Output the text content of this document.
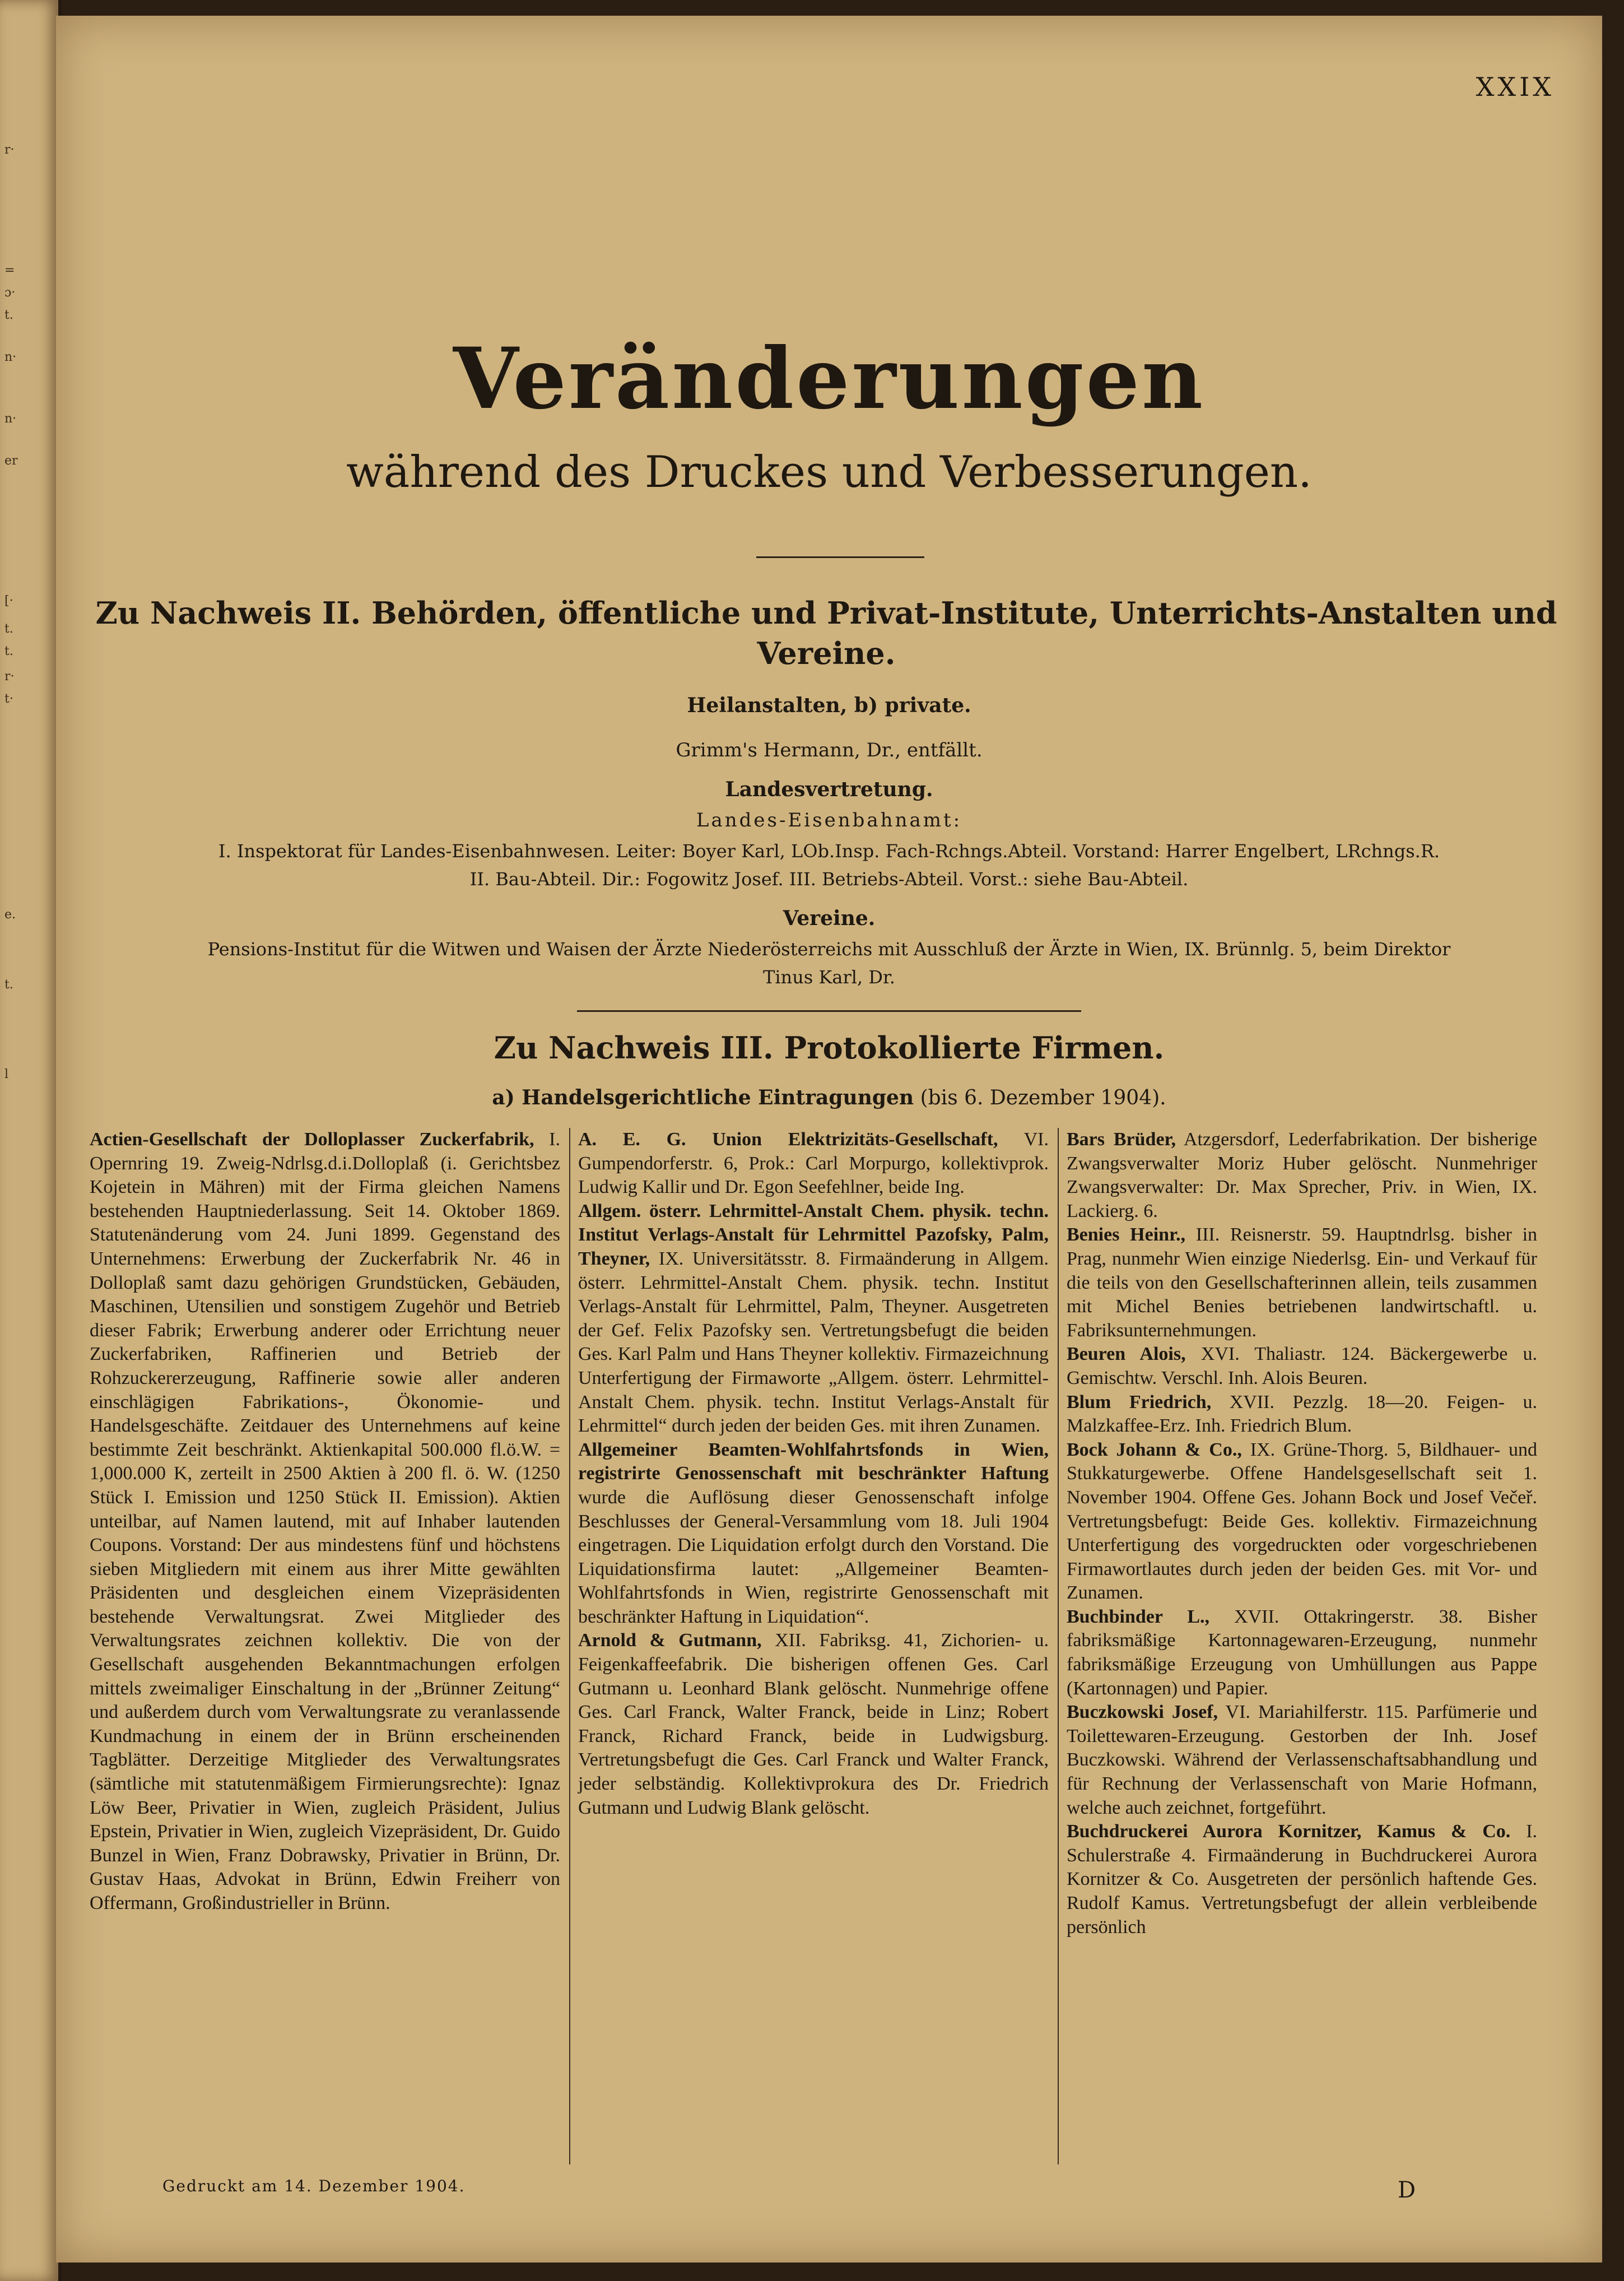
r·
=
ɔ·
t.
n·
n·
er
[·
t.
t.
r·
t·
e.
t.
l
XXIX
Veränderungen
während des Druckes und Verbesserungen.
Zu Nachweis II. Behörden, öffentliche und Privat-Institute, Unterrichts-Anstalten und Vereine.
Heilanstalten, b) private.
Grimm's Hermann, Dr., entfällt.
Landesvertretung.
Landes-Eisenbahnamt:
I. Inspektorat für Landes-Eisenbahnwesen. Leiter: Boyer Karl, LOb.Insp. Fach-Rchngs.Abteil. Vorstand: Harrer Engelbert, LRchngs.R.
II. Bau-Abteil. Dir.: Fogowitz Josef. III. Betriebs-Abteil. Vorst.: siehe Bau-Abteil.
Vereine.
Pensions-Institut für die Witwen und Waisen der Ärzte Niederösterreichs mit Ausschluß der Ärzte in Wien, IX. Brünnlg. 5, beim Direktor
Tinus Karl, Dr.
Zu Nachweis III. Protokollierte Firmen.
a) Handelsgerichtliche Eintragungen (bis 6. Dezember 1904).

Actien-Gesellschaft der Dolloplasser Zuckerfabrik, I. Opernring 19. Zweig-Ndrlsg.d.i.Dolloplaß (i. Gerichtsbez Kojetein in Mähren) mit der Firma gleichen Namens bestehenden Hauptniederlassung. Seit 14. Oktober 1869. Statutenänderung vom 24. Juni 1899. Gegenstand des Unternehmens: Erwerbung der Zuckerfabrik Nr. 46 in Dolloplaß samt dazu gehörigen Grundstücken, Gebäuden, Maschinen, Utensilien und sonstigem Zugehör und Betrieb dieser Fabrik; Erwerbung anderer oder Errichtung neuer Zuckerfabriken, Raffinerien und Betrieb der Rohzuckererzeugung, Raffinerie sowie aller anderen einschlägigen Fabrikations-, Ökonomie- und Handelsgeschäfte. Zeitdauer des Unternehmens auf keine bestimmte Zeit beschränkt. Aktienkapital 500.000 fl.ö.W. = 1,000.000 K, zerteilt in 2500 Aktien à 200 fl. ö. W. (1250 Stück I. Emission und 1250 Stück II. Emission). Aktien unteilbar, auf Namen lautend, mit auf Inhaber lautenden Coupons. Vorstand: Der aus mindestens fünf und höchstens sieben Mitgliedern mit einem aus ihrer Mitte gewählten Präsidenten und desgleichen einem Vizepräsidenten bestehende Verwaltungsrat. Zwei Mitglieder des Verwaltungsrates zeichnen kollektiv. Die von der Gesellschaft ausgehenden Bekanntmachungen erfolgen mittels zweimaliger Einschaltung in der „Brünner Zeitung“ und außerdem durch vom Verwaltungsrate zu veranlassende Kundmachung in einem der in Brünn erscheinenden Tagblätter. Derzeitige Mitglieder des Verwaltungsrates (sämtliche mit statutenmäßigem Firmierungsrechte): Ignaz Löw Beer, Privatier in Wien, zugleich Präsident, Julius Epstein, Privatier in Wien, zugleich Vizepräsident, Dr. Guido Bunzel in Wien, Franz Dobrawsky, Privatier in Brünn, Dr. Gustav Haas, Advokat in Brünn, Edwin Freiherr von Offermann, Großindustrieller in Brünn.

A. E. G. Union Elektrizitäts-Gesellschaft, VI. Gumpendorferstr. 6, Prok.: Carl Morpurgo, kollektivprok. Ludwig Kallir und Dr. Egon Seefehlner, beide Ing.

Allgem. österr. Lehrmittel-Anstalt Chem. physik. techn. Institut Verlags-Anstalt für Lehrmittel Pazofsky, Palm, Theyner, IX. Universitätsstr. 8. Firmaänderung in Allgem. österr. Lehrmittel-Anstalt Chem. physik. techn. Institut Verlags-Anstalt für Lehrmittel, Palm, Theyner. Ausgetreten der Gef. Felix Pazofsky sen. Vertretungsbefugt die beiden Ges. Karl Palm und Hans Theyner kollektiv. Firmazeichnung Unterfertigung der Firmaworte „Allgem. österr. Lehrmittel-Anstalt Chem. physik. techn. Institut Verlags-Anstalt für Lehrmittel“ durch jeden der beiden Ges. mit ihren Zunamen.

Allgemeiner Beamten-Wohlfahrtsfonds in Wien, registrirte Genossenschaft mit beschränkter Haftung wurde die Auflösung dieser Genossenschaft infolge Beschlusses der General-Versammlung vom 18. Juli 1904 eingetragen. Die Liquidation erfolgt durch den Vorstand. Die Liquidationsfirma lautet: „Allgemeiner Beamten-Wohlfahrtsfonds in Wien, registrirte Genossenschaft mit beschränkter Haftung in Liquidation“.

Arnold & Gutmann, XII. Fabriksg. 41, Zichorien- u. Feigenkaffeefabrik. Die bisherigen offenen Ges. Carl Gutmann u. Leonhard Blank gelöscht. Nunmehrige offene Ges. Carl Franck, Walter Franck, beide in Linz; Robert Franck, Richard Franck, beide in Ludwigsburg. Vertretungsbefugt die Ges. Carl Franck und Walter Franck, jeder selbständig. Kollektivprokura des Dr. Friedrich Gutmann und Ludwig Blank gelöscht.

Bars Brüder, Atzgersdorf, Lederfabrikation. Der bisherige Zwangsverwalter Moriz Huber gelöscht. Nunmehriger Zwangsverwalter: Dr. Max Sprecher, Priv. in Wien, IX. Lackierg. 6.

Benies Heinr., III. Reisnerstr. 59. Hauptndrlsg. bisher in Prag, nunmehr Wien einzige Niederlsg. Ein- und Verkauf für die teils von den Gesellschafterinnen allein, teils zusammen mit Michel Benies betriebenen landwirtschaftl. u. Fabriksunternehmungen.

Beuren Alois, XVI. Thaliastr. 124. Bäckergewerbe u. Gemischtw. Verschl. Inh. Alois Beuren.

Blum Friedrich, XVII. Pezzlg. 18—20. Feigen- u. Malzkaffee-Erz. Inh. Friedrich Blum.

Bock Johann & Co., IX. Grüne-Thorg. 5, Bildhauer- und Stukkaturgewerbe. Offene Handelsgesellschaft seit 1. November 1904. Offene Ges. Johann Bock und Josef Večeř. Vertretungsbefugt: Beide Ges. kollektiv. Firmazeichnung Unterfertigung des vorgedruckten oder vorgeschriebenen Firmawortlautes durch jeden der beiden Ges. mit Vor- und Zunamen.

Buchbinder L., XVII. Ottakringerstr. 38. Bisher fabriksmäßige Kartonnagewaren-Erzeugung, nunmehr fabriksmäßige Erzeugung von Umhüllungen aus Pappe (Kartonnagen) und Papier.

Buczkowski Josef, VI. Mariahilferstr. 115. Parfümerie und Toilettewaren-Erzeugung. Gestorben der Inh. Josef Buczkowski. Während der Verlassenschaftsabhandlung und für Rechnung der Verlassenschaft von Marie Hofmann, welche auch zeichnet, fortgeführt.

Buchdruckerei Aurora Kornitzer, Kamus & Co. I. Schulerstraße 4. Firmaänderung in Buchdruckerei Aurora Kornitzer & Co. Ausgetreten der persönlich haftende Ges. Rudolf Kamus. Vertretungsbefugt der allein verbleibende persönlich

Gedruckt am 14. Dezember 1904.	D
